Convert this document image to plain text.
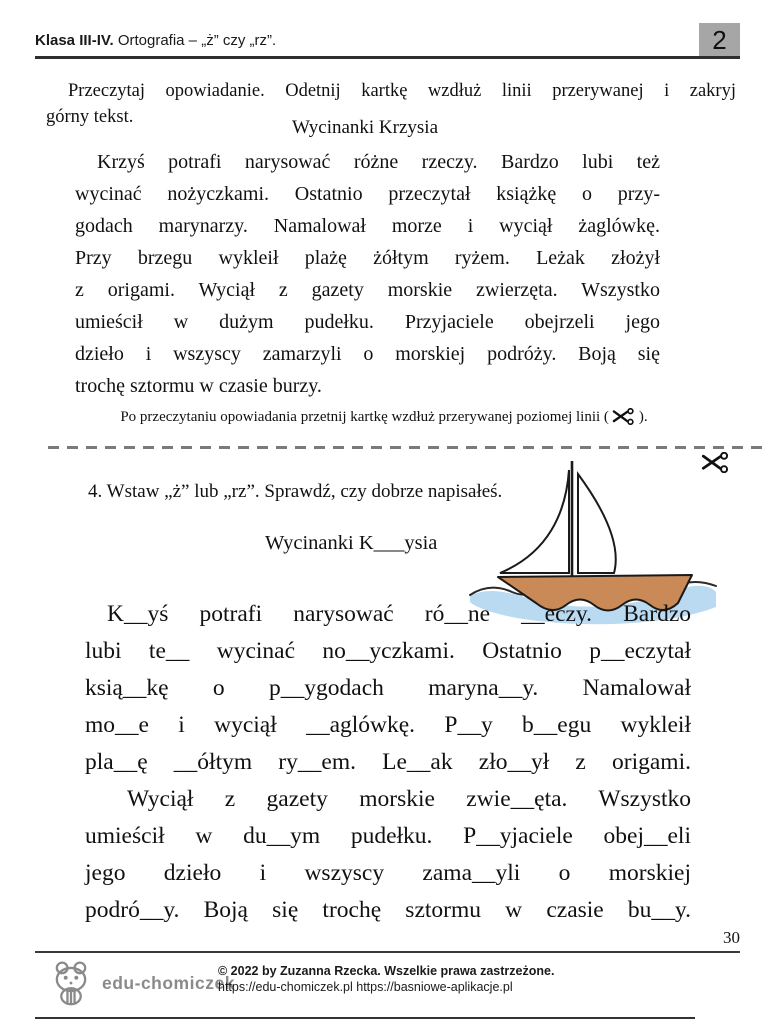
Klasa III-IV. Ortografia – „ż” czy „rz”.	2
Przeczytaj opowiadanie. Odetnij kartkę wzdłuż linii przerywanej i zakryj
górny tekst.	Wycinanki Krzysia
Krzyś potrafi narysować różne rzeczy. Bardzo lubi też
wycinać nożyczkami. Ostatnio przeczytał książkę o przy-
godach marynarzy. Namalował morze i wyciął żaglówkę.
Przy brzegu wykleił plażę żółtym ryżem. Leżak złożył
z origami. Wyciął z gazety morskie zwierzęta. Wszystko
umieścił w dużym pudełku. Przyjaciele obejrzeli jego
dzieło i wszyscy zamarzyli o morskiej podróży. Boją się
trochę sztormu w czasie burzy.
Po przeczytaniu opowiadania przetnij kartkę wzdłuż przerywanej poziomej linii ( ).
4. Wstaw „ż” lub „rz”. Sprawdź, czy dobrze napisałeś.
Wycinanki K___ysia
K__yś potrafi narysować ró__ne __eczy. Bardzo
lubi te__ wycinać no__yczkami. Ostatnio p__eczytał
ksią__kę o p__ygodach maryna__y. Namalował
mo__e i wyciął __aglówkę. P__y b__egu wykleił
pla__ę __ółtym ry__em. Le__ak zło__ył z origami.
Wyciął z gazety morskie zwie__ęta. Wszystko
umieścił w du__ym pudełku. P__yjaciele obej__eli
jego dzieło i wszyscy zama__yli o morskiej
podró__y. Boją się trochę sztormu w czasie bu__y.
30
edu-chomiczek
© 2022 by Zuzanna Rzecka. Wszelkie prawa zastrzeżone.
https://edu-chomiczek.pl https://basniowe-aplikacje.pl
